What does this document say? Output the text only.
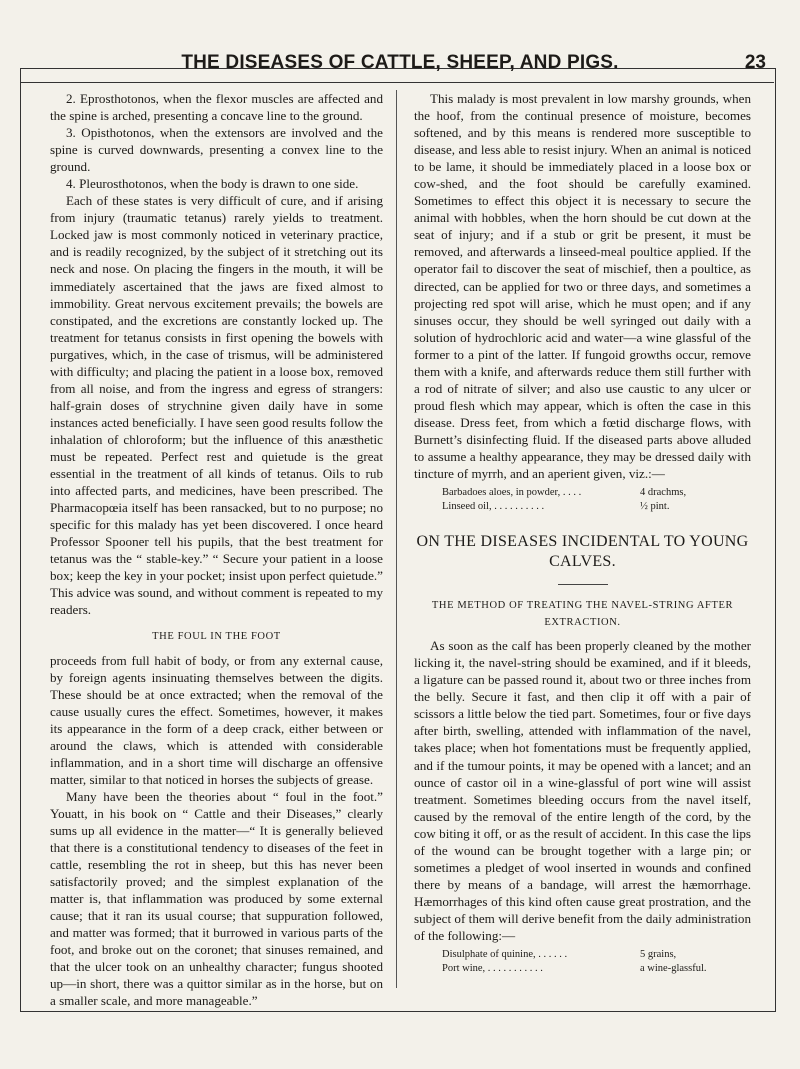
THE DISEASES OF CATTLE, SHEEP, AND PIGS.	23

2. Eprosthotonos, when the flexor muscles are affected and the spine is arched, presenting a concave line to the ground.

3. Opisthotonos, when the extensors are involved and the spine is curved downwards, presenting a convex line to the ground.

4. Pleurosthotonos, when the body is drawn to one side.

Each of these states is very difficult of cure, and if arising from injury (traumatic tetanus) rarely yields to treatment. Locked jaw is most commonly noticed in veterinary practice, and is readily recognized, by the subject of it stretching out its neck and nose. On placing the fingers in the mouth, it will be immediately ascertained that the jaws are fixed almost to immobility. Great nervous excitement prevails; the bowels are constipated, and the excretions are constantly locked up. The treatment for tetanus consists in first opening the bowels with purgatives, which, in the case of trismus, will be administered with difficulty; and placing the patient in a loose box, removed from all noise, and from the ingress and egress of strangers: half-grain doses of strychnine given daily have in some instances acted beneficially. I have seen good results follow the inhalation of chloroform; but the influence of this anæsthetic must be repeated. Perfect rest and quietude is the great essential in the treatment of all kinds of tetanus. Oils to rub into affected parts, and medicines, have been prescribed. The Pharmacopœia itself has been ransacked, but to no purpose; no specific for this malady has yet been discovered. I once heard Professor Spooner tell his pupils, that the best treatment for tetanus was the “ stable-key.” “ Secure your patient in a loose box; keep the key in your pocket; insist upon perfect quietude.” This advice was sound, and without comment is repeated to my readers.

THE FOUL IN THE FOOT

proceeds from full habit of body, or from any external cause, by foreign agents insinuating themselves between the digits. These should be at once extracted; when the removal of the cause usually cures the effect. Sometimes, however, it makes its appearance in the form of a deep crack, either between or around the claws, which is attended with considerable inflammation, and in a short time will discharge an offensive matter, similar to that noticed in horses the subjects of grease.

Many have been the theories about “ foul in the foot.” Youatt, in his book on “ Cattle and their Diseases,” clearly sums up all evidence in the matter—“ It is generally believed that there is a constitutional tendency to diseases of the feet in cattle, resembling the rot in sheep, but this has never been satisfactorily proved; and the simplest explanation of the matter is, that inflammation was produced by some external cause; that it ran its usual course; that suppuration followed, and matter was formed; that it burrowed in various parts of the foot, and broke out on the coronet; that sinuses remained, and that the ulcer took on an unhealthy character; fungus shooted up—in short, there was a quittor similar as in the horse, but on a smaller scale, and more manageable.”

This malady is most prevalent in low marshy grounds, when the hoof, from the continual presence of moisture, becomes softened, and by this means is rendered more susceptible to disease, and less able to resist injury. When an animal is noticed to be lame, it should be immediately placed in a loose box or cow-shed, and the foot should be carefully examined. Sometimes to effect this object it is necessary to secure the animal with hobbles, when the horn should be cut down at the seat of injury; and if a stub or grit be present, it must be removed, and afterwards a linseed-meal poultice applied. If the operator fail to discover the seat of mischief, then a poultice, as directed, can be applied for two or three days, and sometimes a projecting red spot will arise, which he must open; and if any sinuses occur, they should be well syringed out daily with a solution of hydrochloric acid and water—a wine glassful of the former to a pint of the latter. If fungoid growths occur, remove them with a knife, and afterwards reduce them still further with a rod of nitrate of silver; and also use caustic to any ulcer or proud flesh which may appear, which is often the case in this disease. Dress feet, from which a fœtid discharge flows, with Burnett’s disinfecting fluid. If the diseased parts above alluded to assume a healthy appearance, they may be dressed daily with tincture of myrrh, and an aperient given, viz.:—

Barbadoes aloes, in powder, . . . .	4 drachms,
Linseed oil, . . . . . . . . . .	½ pint.
ON THE DISEASES INCIDENTAL TO YOUNG CALVES.
THE METHOD OF TREATING THE NAVEL-STRING AFTER EXTRACTION.

As soon as the calf has been properly cleaned by the mother licking it, the navel-string should be examined, and if it bleeds, a ligature can be passed round it, about two or three inches from the belly. Secure it fast, and then clip it off with a pair of scissors a little below the tied part. Sometimes, four or five days after birth, swelling, attended with inflammation of the navel, takes place; when hot fomentations must be frequently applied, and if the tumour points, it may be opened with a lancet; and an ounce of castor oil in a wine-glassful of port wine will assist treatment. Sometimes bleeding occurs from the navel itself, caused by the removal of the entire length of the cord, by the cow biting it off, or as the result of accident. In this case the lips of the wound can be brought together with a large pin; or sometimes a pledget of wool inserted in wounds and confined there by means of a bandage, will arrest the hæmorrhage. Hæmorrhages of this kind often cause great prostration, and the subject of them will derive benefit from the daily administration of the following:—

Disulphate of quinine, . . . . . .	5 grains,
Port wine, . . . . . . . . . . .	a wine-glassful.
